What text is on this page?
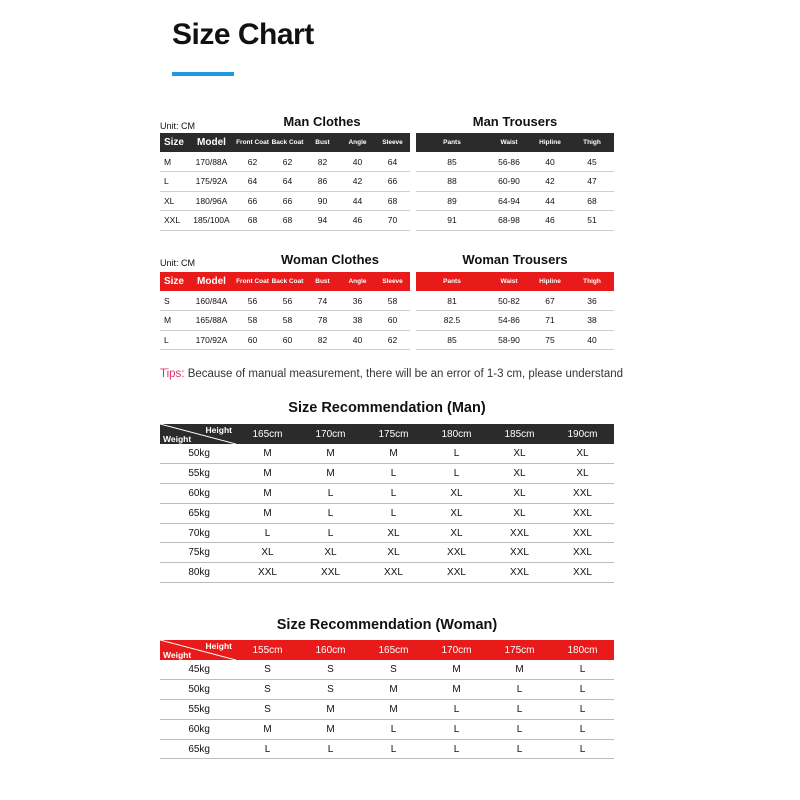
Size Chart
Unit: CM	Man Clothes
Size	Model	Front Coat	Back Coat	Bust	Angle	Sleeve
M	170/88A	62	62	82	40	64
L	175/92A	64	64	86	42	66
XL	180/96A	66	66	90	44	68
XXL	185/100A	68	68	94	46	70
Man Trousers
Pants	Waist	Hipline	Thigh
85	56-86	40	45
88	60-90	42	47
89	64-94	44	68
91	68-98	46	51
Unit: CM	Woman Clothes
Size	Model	Front Coat	Back Coat	Bust	Angle	Sleeve
S	160/84A	56	56	74	36	58
M	165/88A	58	58	78	38	60
L	170/92A	60	60	82	40	62
Woman Trousers
Pants	Waist	Hipline	Thigh
81	50-82	67	36
82.5	54-86	71	38
85	58-90	75	40
Tips: Because of manual measurement, there will be an error of 1-3 cm, please understand
Size Recommendation (Man)
Height
Weight	165cm	170cm	175cm	180cm	185cm	190cm
50kg	M	M	M	L	XL	XL
55kg	M	M	L	L	XL	XL
60kg	M	L	L	XL	XL	XXL
65kg	M	L	L	XL	XL	XXL
70kg	L	L	XL	XL	XXL	XXL
75kg	XL	XL	XL	XXL	XXL	XXL
80kg	XXL	XXL	XXL	XXL	XXL	XXL
Size Recommendation (Woman)
Height
Weight	155cm	160cm	165cm	170cm	175cm	180cm
45kg	S	S	S	M	M	L
50kg	S	S	M	M	L	L
55kg	S	M	M	L	L	L
60kg	M	M	L	L	L	L
65kg	L	L	L	L	L	L
